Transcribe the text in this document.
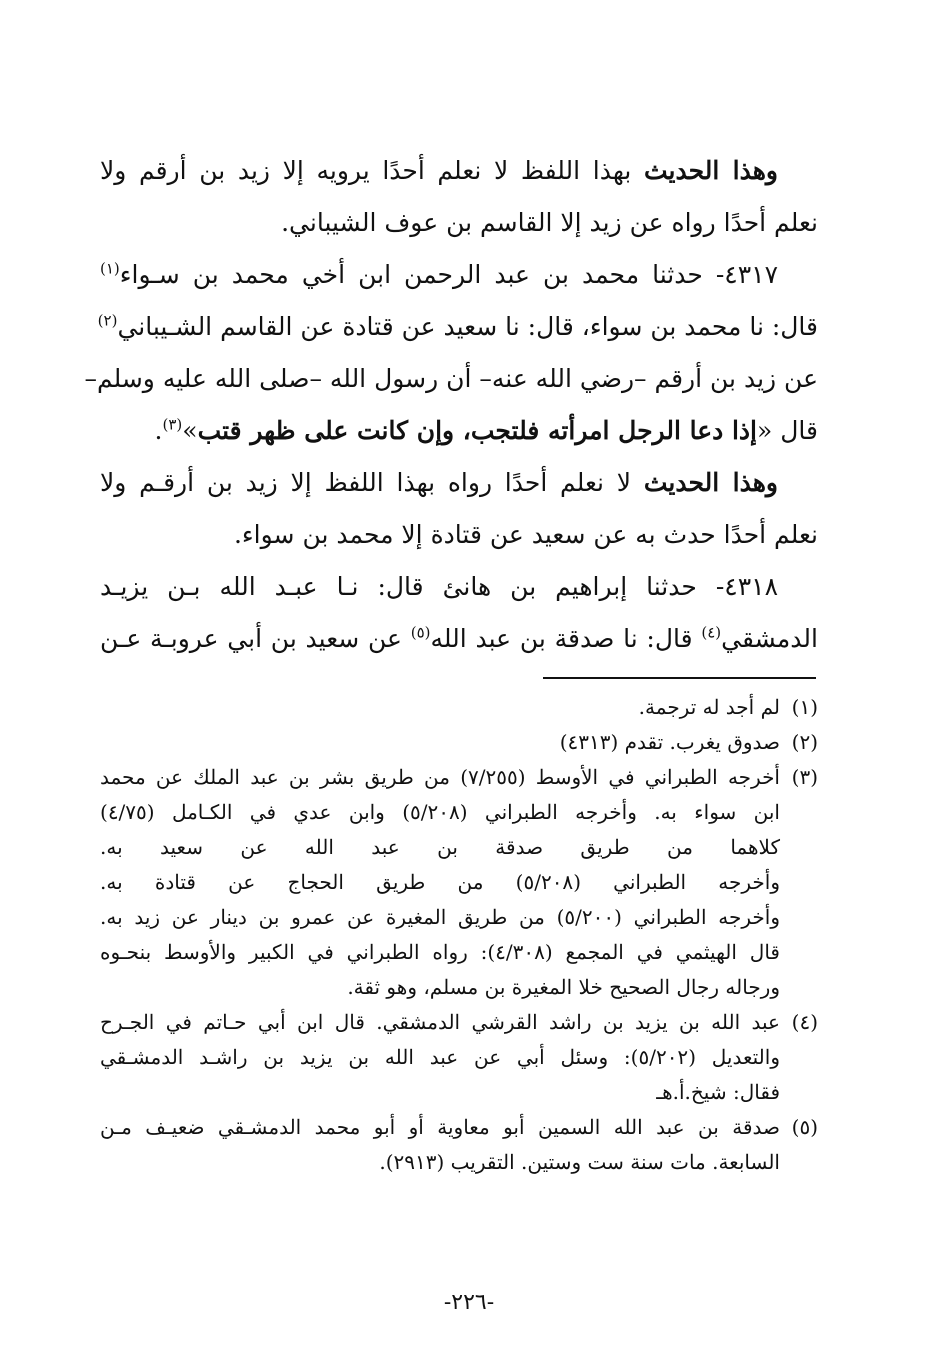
وهذا الحديث بهذا اللفظ لا نعلم أحدًا يرويه إلا زيد بن أرقم ولا
نعلم أحدًا رواه عن زيد إلا القاسم بن عوف الشيباني.
٤٣١٧- حدثنا محمد بن عبد الرحمن ابن أخي محمد بن سـواء$^{(١)}$
قال: نا محمد بن سواء، قال: نا سعيد عن قتادة عن القاسم الشـيباني$^{(٢)}$
عن زيد بن أرقم –رضي الله عنه– أن رسول الله –صلى الله عليه وسلم–
قال «إذا دعا الرجل امرأته فلتجب، وإن كانت على ظهر قتب»$^{(٣)}$.
وهذا الحديث لا نعلم أحدًا رواه بهذا اللفظ إلا زيد بن أرقـم ولا
نعلم أحدًا حدث به عن سعيد عن قتادة إلا محمد بن سواء.
٤٣١٨- حدثنا إبراهيم بن هانئ قال: نـا عبـد الله بـن يزيـد
الدمشقي$^{(٤)}$ قال: نا صدقة بن عبد الله$^{(٥)}$ عن سعيد بن أبي عروبـة عـن
(١)
لم أجد له ترجمة.
(٢)
صدوق يغرب. تقدم (٤٣١٣)
(٣)
أخرجه الطبراني في الأوسط (٧/٢٥٥) من طريق بشر بن عبد الملك عن محمد
ابن سواء به. وأخرجه الطبراني (٥/٢٠٨) وابن عدي في الكـامل (٤/٧٥)
كلاهما من طريق صدقة بن عبد الله عن سعيد به.
وأخرجه الطبراني (٥/٢٠٨) من طريق الحجاج عن قتادة به.
وأخرجه الطبراني (٥/٢٠٠) من طريق المغيرة عن عمرو بن دينار عن زيد به.
قال الهيثمي في المجمع (٤/٣٠٨): رواه الطبراني في الكبير والأوسط بنحـوه
ورجاله رجال الصحيح خلا المغيرة بن مسلم، وهو ثقة.
(٤)
عبد الله بن يزيد بن راشد القرشي الدمشقي. قال ابن أبي حـاتم في الجـرح
والتعديل (٥/٢٠٢): وسئل أبي عن عبد الله بن يزيد بن راشـد الدمشـقي
فقال: شيخ.أ.هـ
(٥)
صدقة بن عبد الله السمين أبو معاوية أو أبو محمد الدمشـقي ضعيـف مـن
السابعة. مات سنة ست وستين. التقريب (٢٩١٣).
-٢٢٦-
